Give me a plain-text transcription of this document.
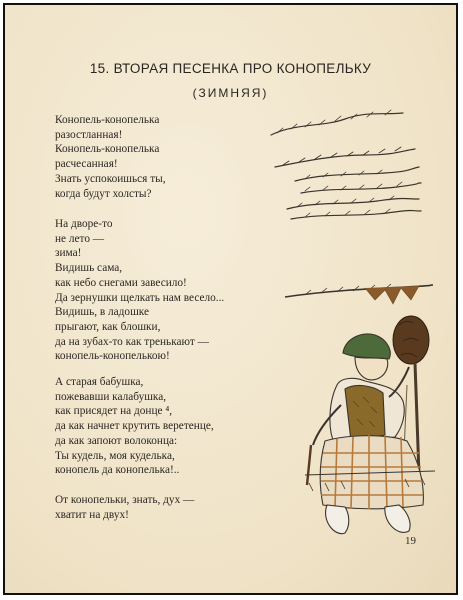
15. ВТОРАЯ ПЕСЕНКА ПРО КОНОПЕЛЬКУ
(ЗИМНЯЯ)
Конопель-конопелька
разостланная!
Конопель-конопелька
расчесанная!
Знать успокоишься ты,
когда будут холсты?
На дворе-то
не лето —
зима!
Видишь сама,
как небо снегами завесило!
Да зернушки щелкать нам весело...
Видишь, в ладошке
прыгают, как блошки,
да на зубах-то как тренькают —
конопель-конопелькою!
А старая бабушка,
пожевавши калабушка,
как присядет на донце ⁴,
да как начнет крутить веретенце,
да как запоют волоконца:
Ты кудель, моя куделька,
конопель да конопелька!..
От конопельки, знать, дух —
хватит на двух!
19
